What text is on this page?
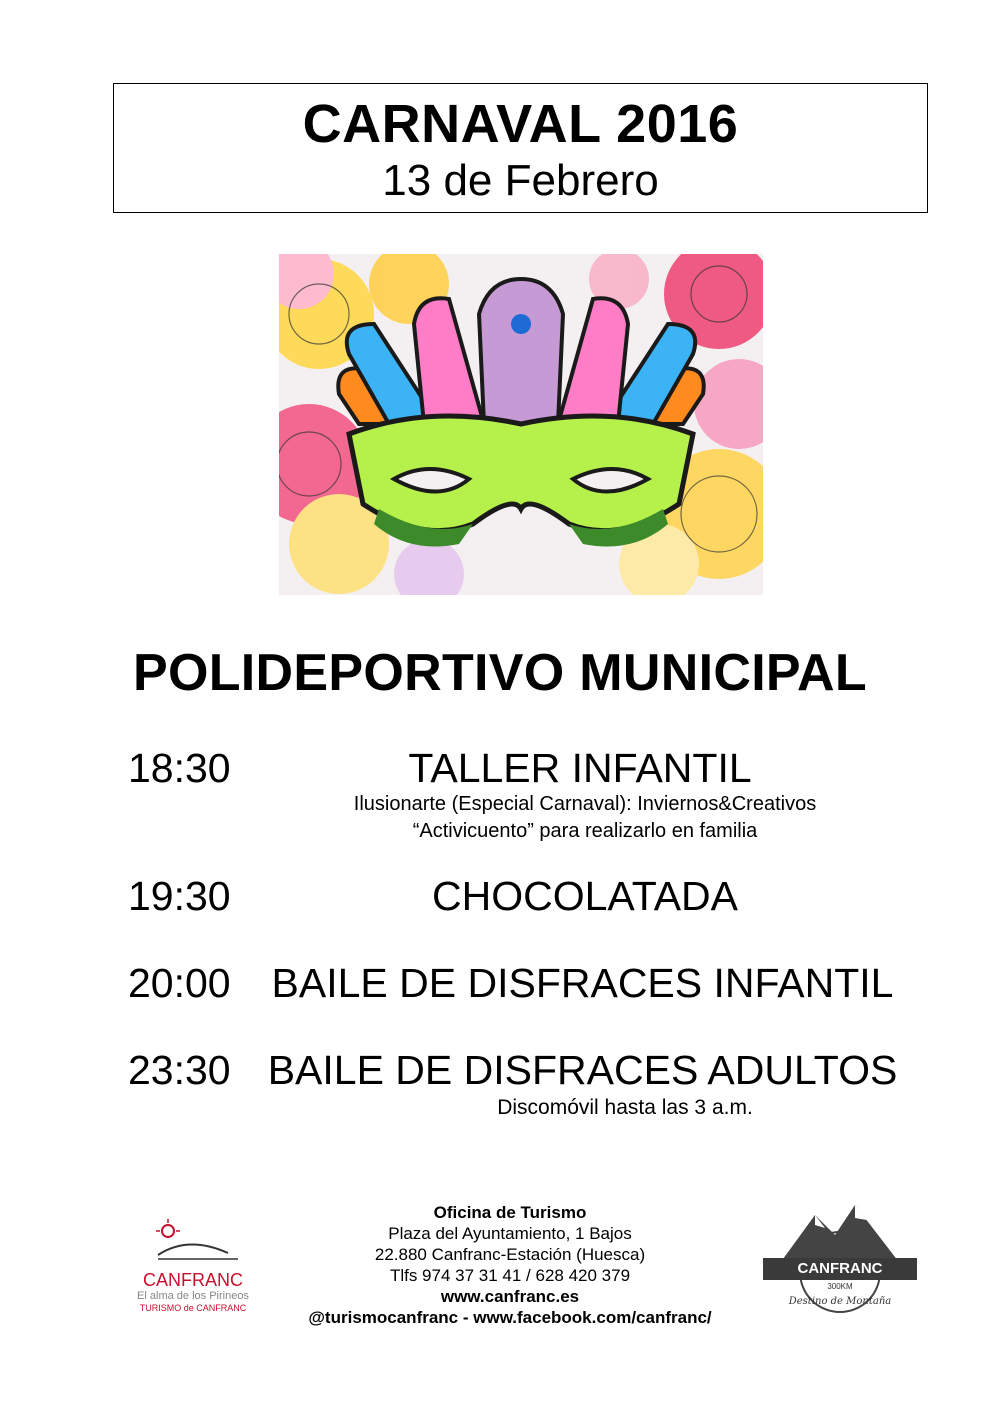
CARNAVAL 2016
13 de Febrero
POLIDEPORTIVO MUNICIPAL
18:30	TALLER INFANTIL
Ilusionarte (Especial Carnaval): Inviernos&Creativos
“Activicuento” para realizarlo en familia
19:30	CHOCOLATADA
20:00 BAILE DE DISFRACES INFANTIL
23:30 BAILE DE DISFRACES ADULTOS
Discomóvil hasta las 3 a.m.
Oficina de Turismo
Plaza del Ayuntamiento, 1 Bajos
22.880 Canfranc-Estación (Huesca)
Tlfs 974 37 31 41 / 628 420 379
www.canfranc.es
@turismocanfranc - www.facebook.com/canfranc/
CANFRANC
El alma de los Pirineos
TURISMO de CANFRANC
CANFRANC
300KM
Destino de Montaña
